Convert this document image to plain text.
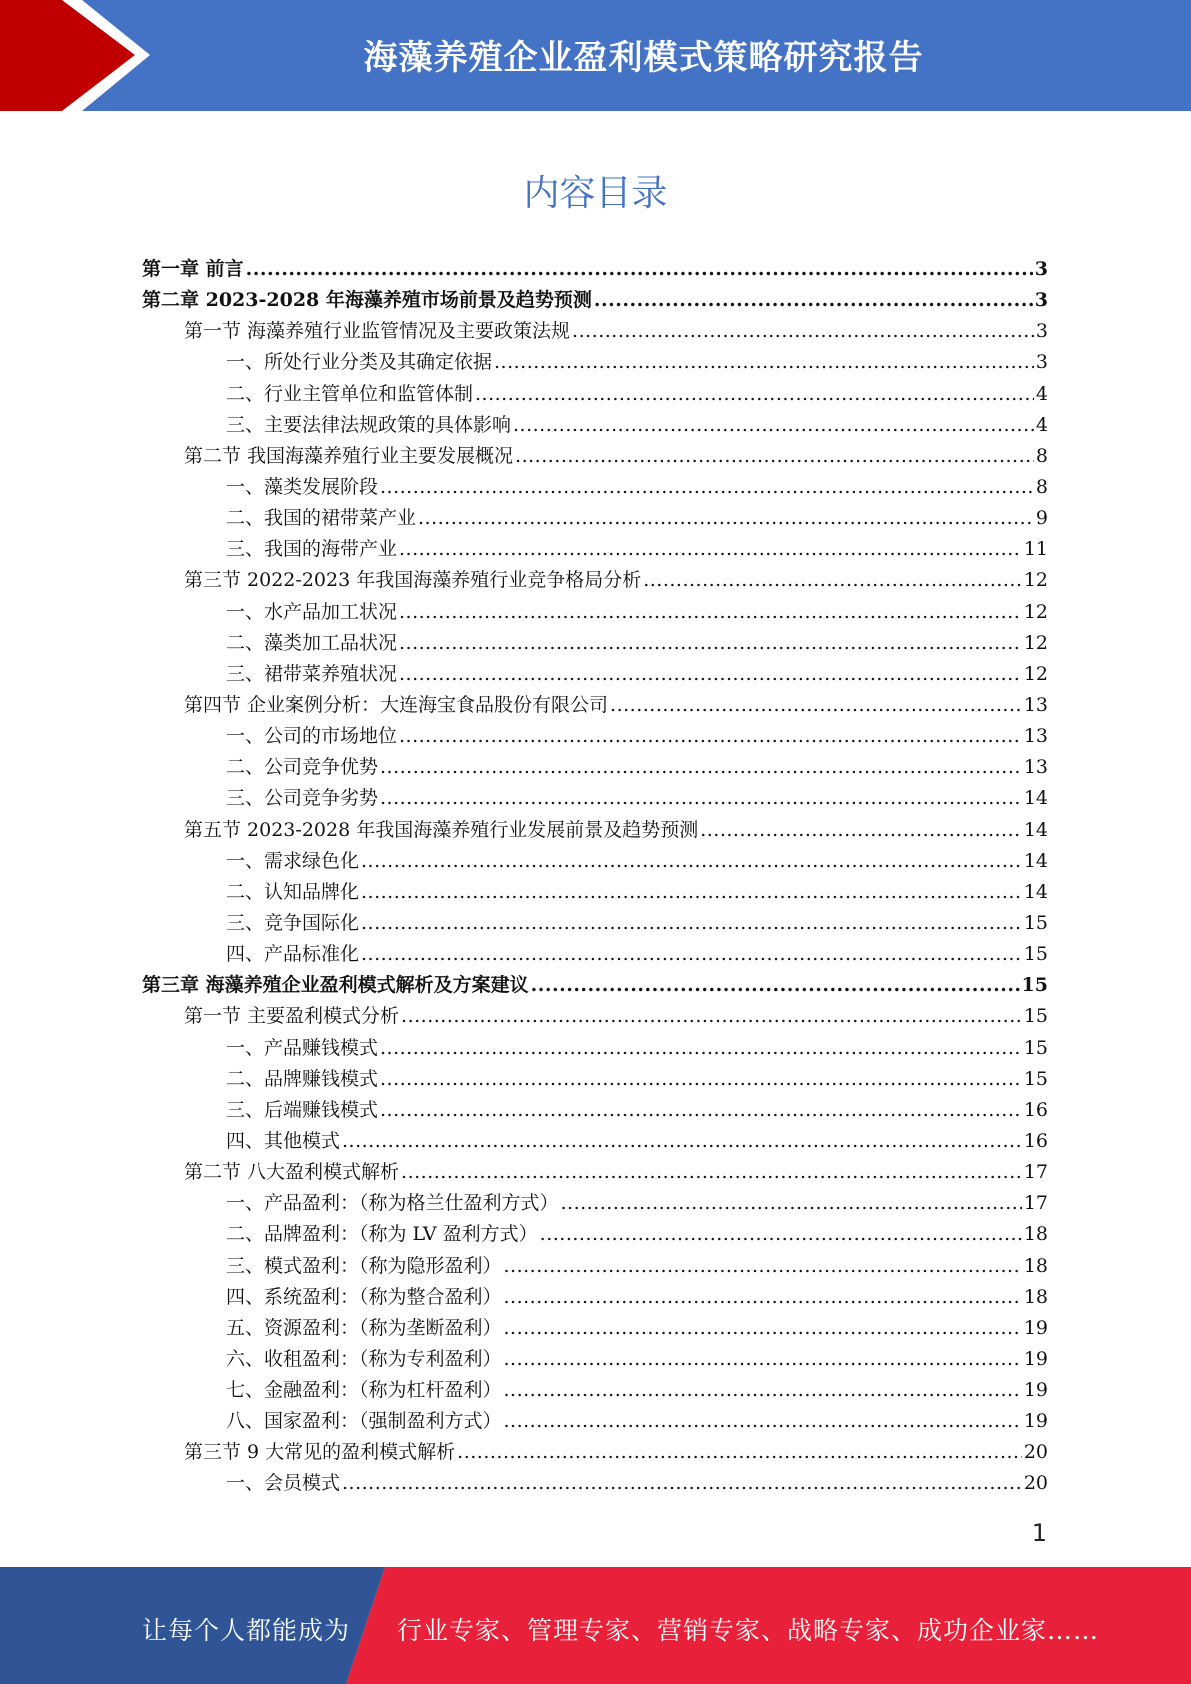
海藻养殖企业盈利模式策略研究报告
内容目录
第一章 前言 .....	3
第二章 2023-2028 年海藻养殖市场前景及趋势预测 .....	3
第一节 海藻养殖行业监管情况及主要政策法规 .....	3
一、所处行业分类及其确定依据 .....	3
二、行业主管单位和监管体制 .....	4
三、主要法律法规政策的具体影响 .....	4
第二节 我国海藻养殖行业主要发展概况 .....	8
一、藻类发展阶段 .....	8
二、我国的裙带菜产业 .....	9
三、我国的海带产业 .....	11
第三节 2022-2023 年我国海藻养殖行业竞争格局分析 .....	12
一、水产品加工状况 .....	12
二、藻类加工品状况 .....	12
三、裙带菜养殖状况 .....	12
第四节 企业案例分析：大连海宝食品股份有限公司 .....	13
一、公司的市场地位 .....	13
二、公司竞争优势 .....	13
三、公司竞争劣势 .....	14
第五节 2023-2028 年我国海藻养殖行业发展前景及趋势预测 .....	14
一、需求绿色化 .....	14
二、认知品牌化 .....	14
三、竞争国际化 .....	15
四、产品标准化 .....	15
第三章 海藻养殖企业盈利模式解析及方案建议 .....	15
第一节 主要盈利模式分析 .....	15
一、产品赚钱模式 .....	15
二、品牌赚钱模式 .....	15
三、后端赚钱模式 .....	16
四、其他模式 .....	16
第二节 八大盈利模式解析 .....	17
一、产品盈利：（称为格兰仕盈利方式） .....	17
二、品牌盈利：（称为 LV 盈利方式） .....	18
三、模式盈利：（称为隐形盈利） .....	18
四、系统盈利：（称为整合盈利） .....	18
五、资源盈利：（称为垄断盈利） .....	19
六、收租盈利：（称为专利盈利） .....	19
七、金融盈利：（称为杠杆盈利） .....	19
八、国家盈利：（强制盈利方式） .....	19
第三节 9 大常见的盈利模式解析 .....	20
一、会员模式 .....	20
1
让每个人都能成为 行业专家、管理专家、营销专家、战略专家、成功企业家……
